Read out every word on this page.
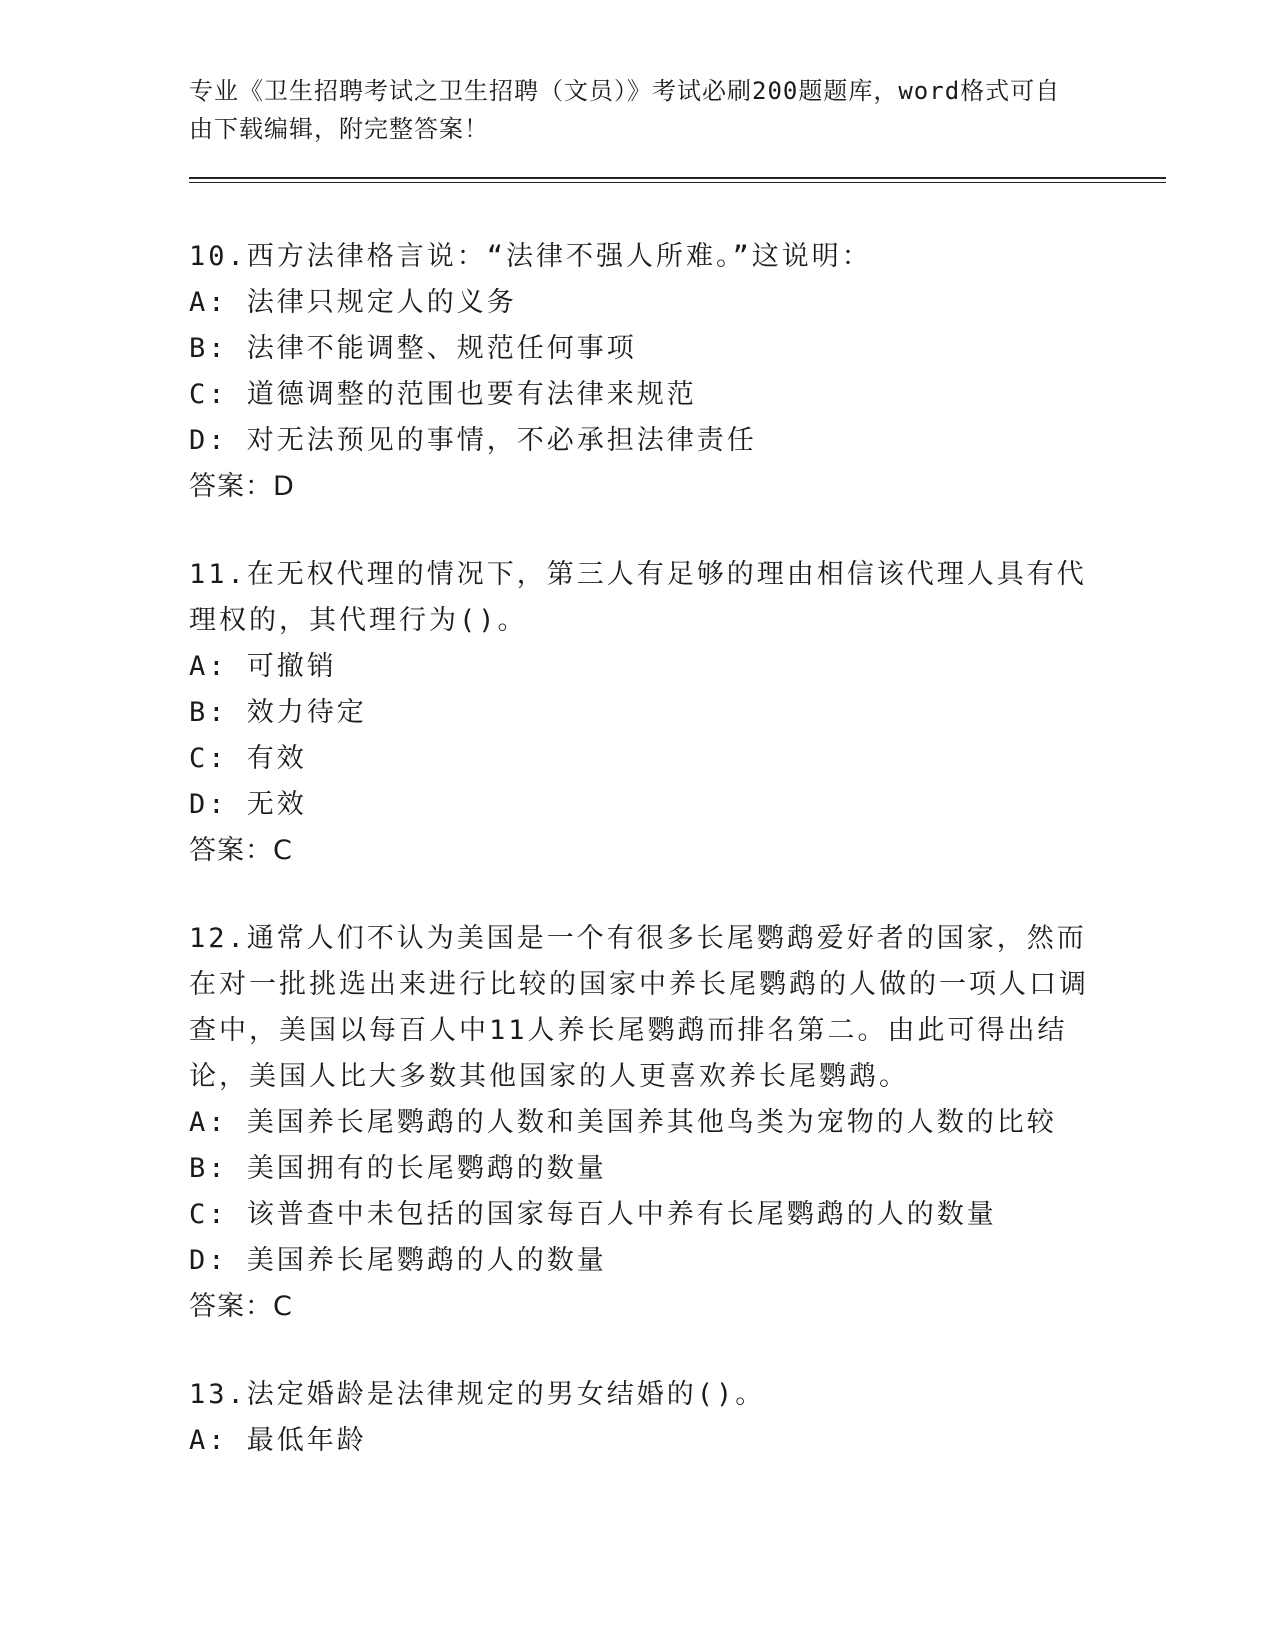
专业《卫生招聘考试之卫生招聘（文员）》考试必刷200题题库，word格式可自由下载编辑，附完整答案！

10.西方法律格言说：“法律不强人所难。”这说明：

A: 法律只规定人的义务
B: 法律不能调整、规范任何事项
C: 道德调整的范围也要有法律来规范
D: 对无法预见的事情，不必承担法律责任
答案：D

11.在无权代理的情况下，第三人有足够的理由相信该代理人具有代理权的，其代理行为()。

A: 可撤销
B: 效力待定
C: 有效
D: 无效
答案：C

12.通常人们不认为美国是一个有很多长尾鹦鹉爱好者的国家，然而在对一批挑选出来进行比较的国家中养长尾鹦鹉的人做的一项人口调查中，美国以每百人中11人养长尾鹦鹉而排名第二。由此可得出结论，美国人比大多数其他国家的人更喜欢养长尾鹦鹉。

A: 美国养长尾鹦鹉的人数和美国养其他鸟类为宠物的人数的比较
B: 美国拥有的长尾鹦鹉的数量
C: 该普查中未包括的国家每百人中养有长尾鹦鹉的人的数量
D: 美国养长尾鹦鹉的人的数量
答案：C

13.法定婚龄是法律规定的男女结婚的()。

A: 最低年龄
